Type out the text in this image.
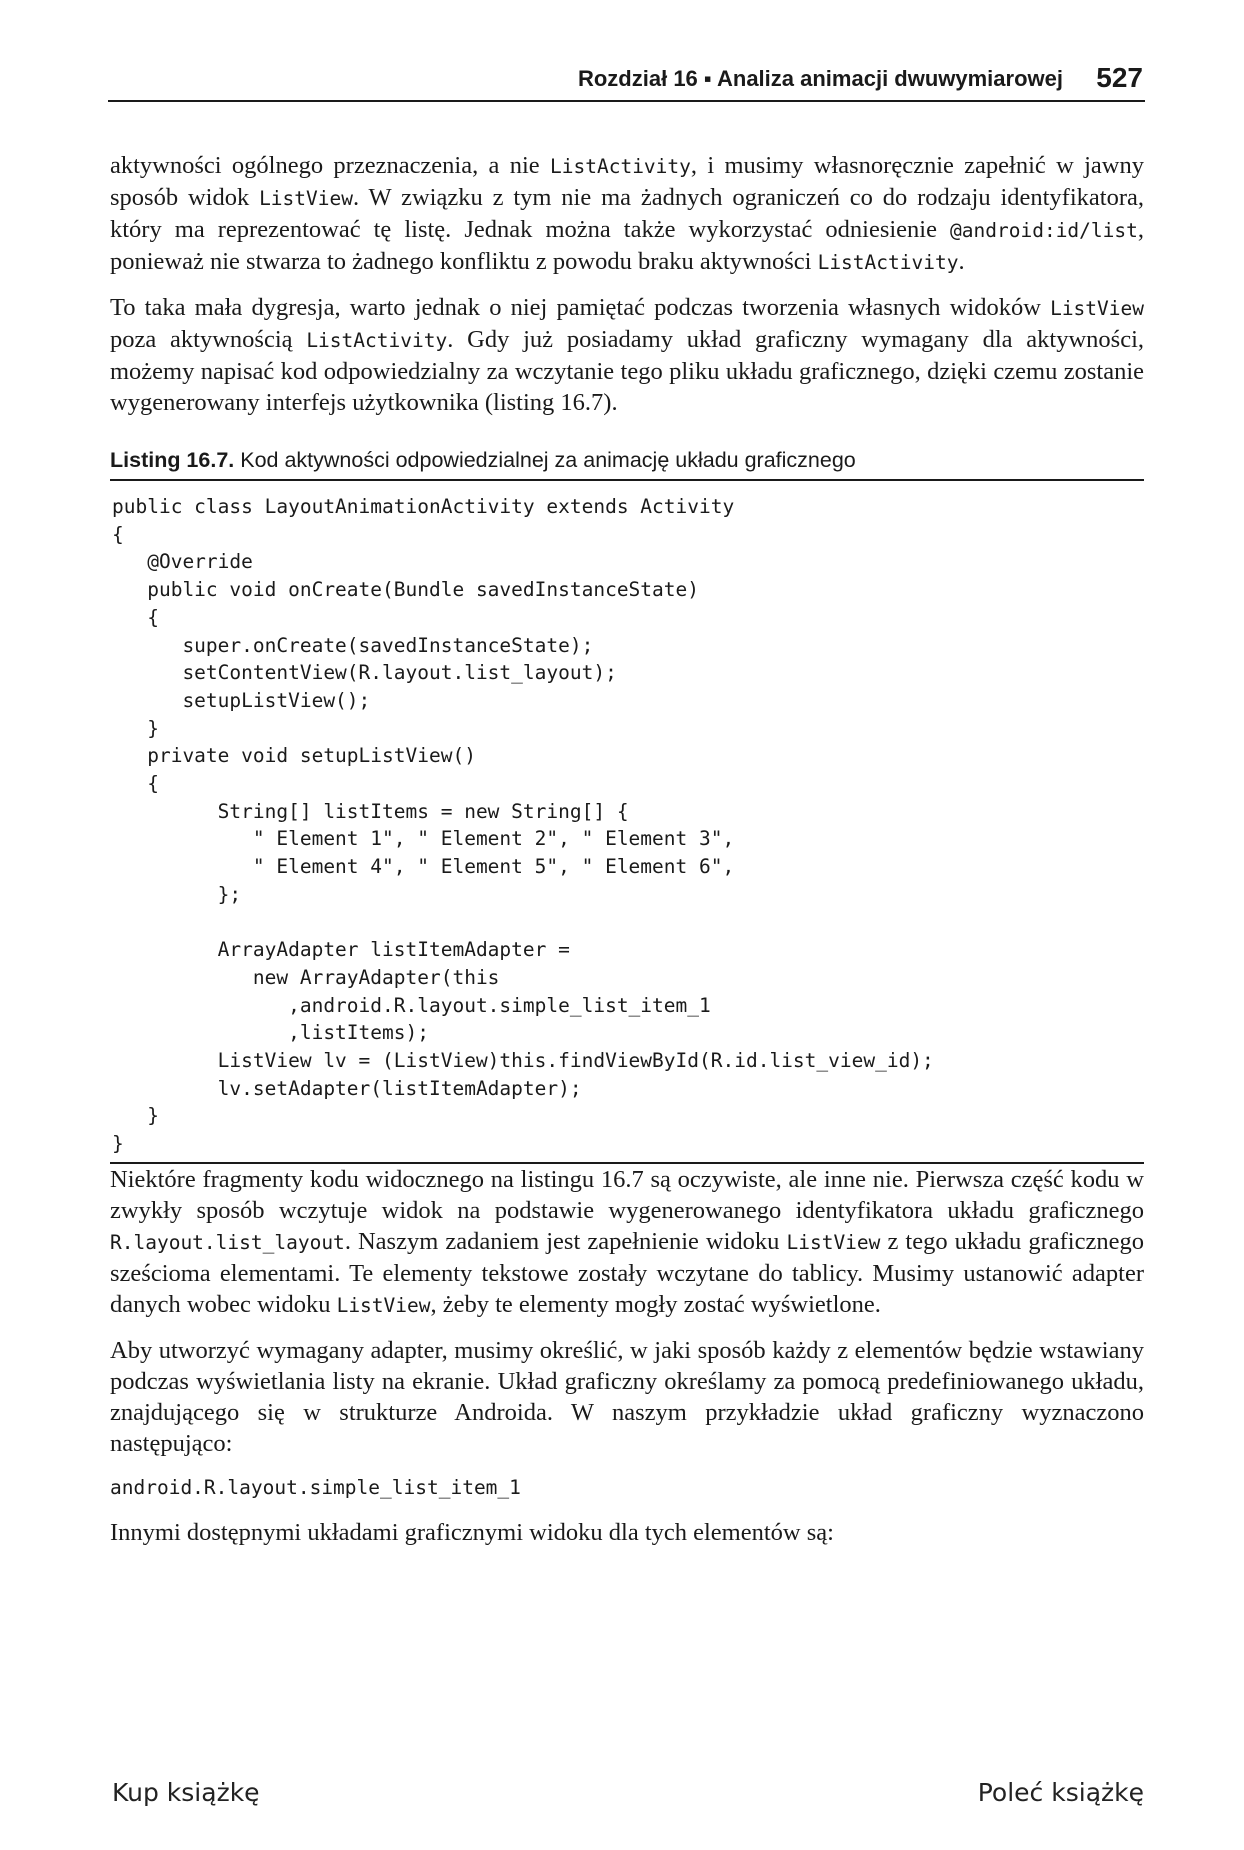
Rozdział 16 ▪ Analiza animacji dwuwymiarowej 527

aktywności ogólnego przeznaczenia, a nie ListActivity, i musimy własnoręcznie zapełnić w jawny sposób widok ListView. W związku z tym nie ma żadnych ograniczeń co do rodzaju identyfikatora, który ma reprezentować tę listę. Jednak można także wykorzystać odniesienie @android:id/list, ponieważ nie stwarza to żadnego konfliktu z powodu braku aktywności ListActivity.

To taka mała dygresja, warto jednak o niej pamiętać podczas tworzenia własnych widoków ListView poza aktywnością ListActivity. Gdy już posiadamy układ graficzny wymagany dla aktywności, możemy napisać kod odpowiedzialny za wczytanie tego pliku układu graficznego, dzięki czemu zostanie wygenerowany interfejs użytkownika (listing 16.7).

Listing 16.7. Kod aktywności odpowiedzialnej za animację układu graficznego
public class LayoutAnimationActivity extends Activity
{
@Override
public void onCreate(Bundle savedInstanceState)
{
super.onCreate(savedInstanceState);
setContentView(R.layout.list_layout);
setupListView();
}
private void setupListView()
{
String[] listItems = new String[] {
" Element 1", " Element 2", " Element 3",
" Element 4", " Element 5", " Element 6",
};

ArrayAdapter listItemAdapter =
new ArrayAdapter(this
,android.R.layout.simple_list_item_1
,listItems);
ListView lv = (ListView)this.findViewById(R.id.list_view_id);
lv.setAdapter(listItemAdapter);
}
}

Niektóre fragmenty kodu widocznego na listingu 16.7 są oczywiste, ale inne nie. Pierwsza część kodu w zwykły sposób wczytuje widok na podstawie wygenerowanego identyfikatora układu graficznego R.layout.list_layout. Naszym zadaniem jest zapełnienie widoku ListView z tego układu graficznego sześcioma elementami. Te elementy tekstowe zostały wczytane do tablicy. Musimy ustanowić adapter danych wobec widoku ListView, żeby te elementy mogły zostać wyświetlone.

Aby utworzyć wymagany adapter, musimy określić, w jaki sposób każdy z elementów będzie wstawiany podczas wyświetlania listy na ekranie. Układ graficzny określamy za pomocą predefiniowanego układu, znajdującego się w strukturze Androida. W naszym przykładzie układ graficzny wyznaczono następująco:

android.R.layout.simple_list_item_1

Innymi dostępnymi układami graficznymi widoku dla tych elementów są:

Kup książkę	Poleć książkę
